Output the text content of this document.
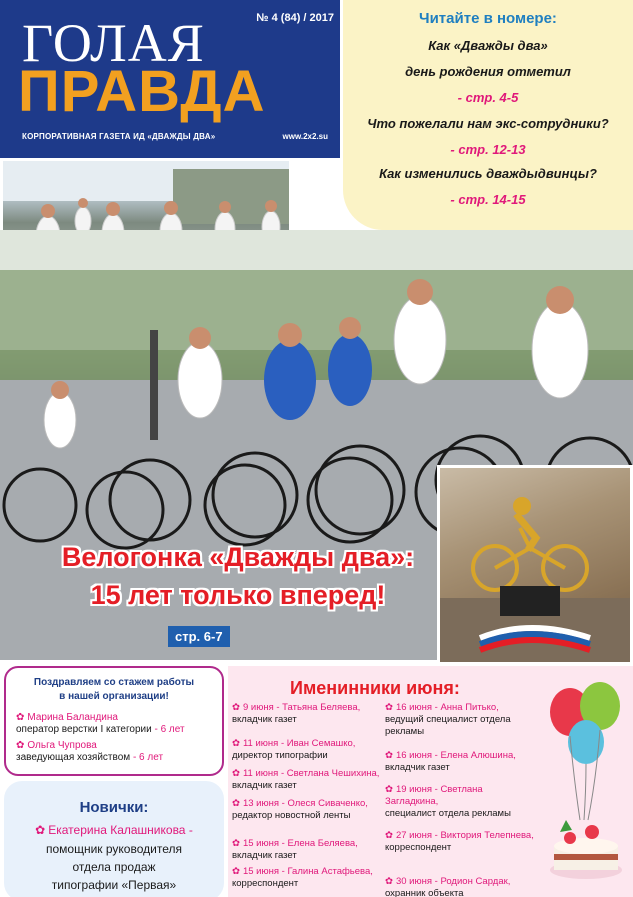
ГОЛАЯ	№ 4 (84) / 2017
ПРАВДА
КОРПОРАТИВНАЯ ГАЗЕТА ИД «ДВАЖДЫ ДВА»	www.2x2.su
Читайте в номере:
Как «Дважды два»
день рождения отметил
- стр. 4-5
Что пожелали нам экс-сотрудники?
- стр. 12-13
Как изменились дваждыдвинцы?
- стр. 14-15
Велогонка «Дважды два»:
15 лет только вперед!
стр. 6-7
Поздравляем со стажем работы
в нашей организации!
✿ Марина Баландина
оператор верстки I категории - 6 лет
✿ Ольга Чупрова
заведующая хозяйством - 6 лет
Новички:
✿ Екатерина Калашникова -
помощник руководителя
отдела продаж
типографии «Первая»
Именинники июня:
✿ 9 июня - Татьяна Беляева,
вкладчик газет
✿ 11 июня - Иван Семашко,
директор типографии
✿ 11 июня - Светлана Чешихина,
вкладчик газет
✿ 13 июня - Олеся Сиваченко,
редактор новостной ленты
✿ 15 июня - Елена Беляева,
вкладчик газет
✿ 15 июня - Галина Астафьева,
корреспондент
✿ 16 июня - Анна Питько,
ведущий специалист отдела рекламы
✿ 16 июня - Елена Алюшина,
вкладчик газет
✿ 19 июня - Светлана Загладкина,
специалист отдела рекламы
✿ 27 июня - Виктория Телепнева,
корреспондент
✿ 30 июня - Родион Сардак,
охранник объекта
